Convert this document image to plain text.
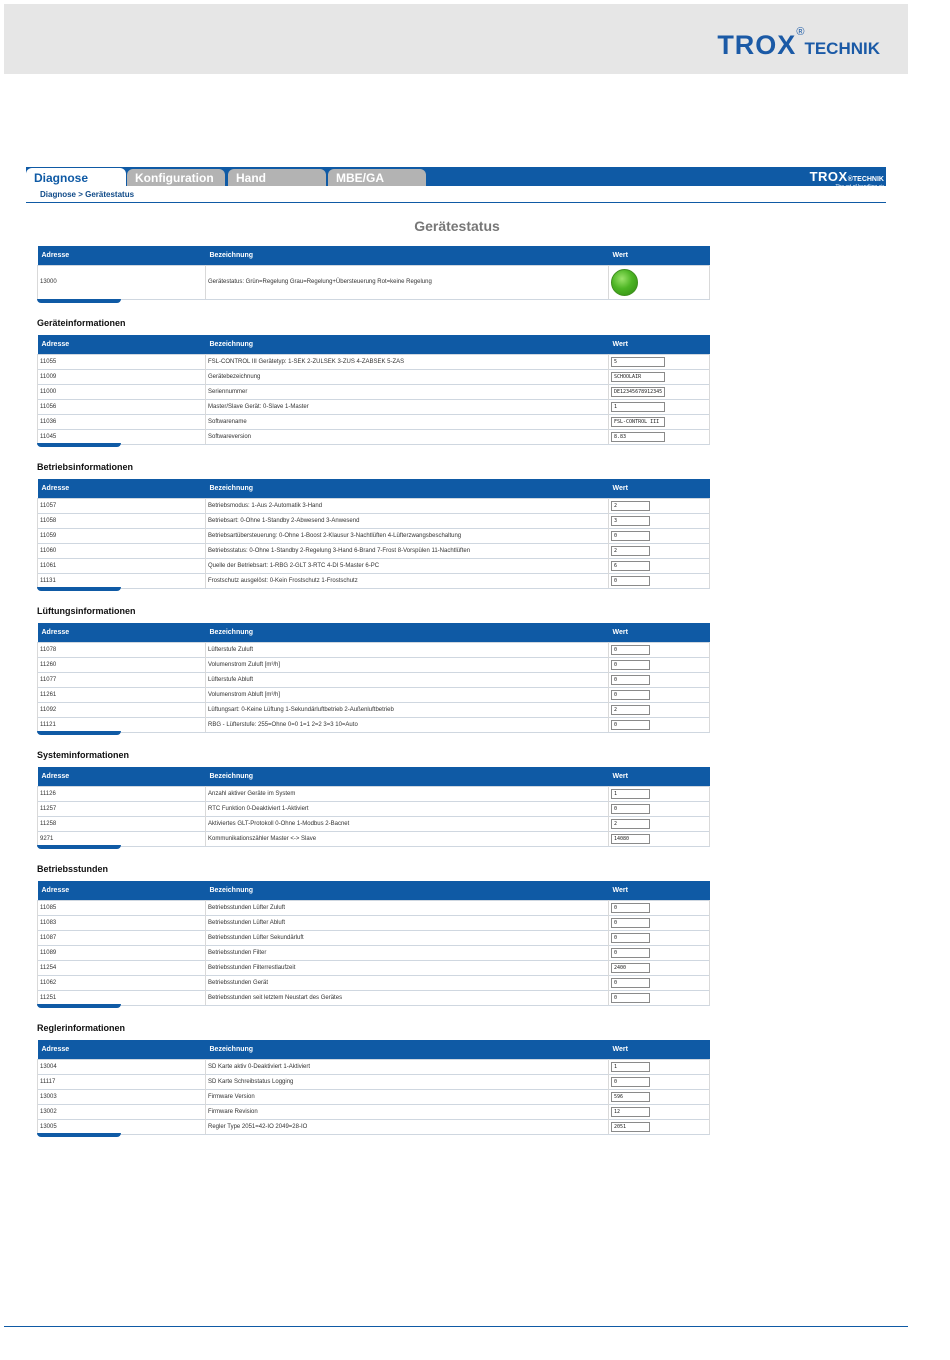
TROX®TECHNIK
Diagnose	Konfiguration	Hand Steuerung
MBE/GA	TROX®TECHNIK
The art of handling air
Diagnose > Gerätestatus
Gerätestatus
Adresse	Bezeichnung	Wert
13000	Gerätestatus: Grün=Regelung Grau=Regelung+Übersteuerung Rot=keine Regelung	
Geräteinformationen
Betriebsinformationen
Lüftungsinformationen
Systeminformationen
Betriebsstunden
Reglerinformationen
Adresse	Bezeichnung	Wert
11055	FSL-CONTROL III Gerätetyp: 1-SEK 2-ZULSEK 3-ZUS 4-ZABSEK 5-ZAS	5
11009	Gerätebezeichnung	SCHOOLAIR
11000	Seriennummer	DE12345678912345
11056	Master/Slave Gerät: 0-Slave 1-Master	1
11036	Softwarename	FSL-CONTROL III
11045	Softwareversion	8.83
Adresse	Bezeichnung	Wert
11057	Betriebsmodus: 1-Aus 2-Automatik 3-Hand	2
11058	Betriebsart: 0-Ohne 1-Standby 2-Abwesend 3-Anwesend	3
11059	Betriebsartübersteuerung: 0-Ohne 1-Boost 2-Klausur 3-Nachtlüften 4-Lüfterzwangsbeschaltung	0
11060	Betriebsstatus: 0-Ohne 1-Standby 2-Regelung 3-Hand 6-Brand 7-Frost 8-Vorspülen 11-Nachtlüften	2
11061	Quelle der Betriebsart: 1-RBG 2-GLT 3-RTC 4-DI 5-Master 6-PC	6
11131	Frostschutz ausgelöst: 0-Kein Frostschutz 1-Frostschutz	0
Adresse	Bezeichnung	Wert
11078	Lüfterstufe Zuluft	0
11260	Volumenstrom Zuluft [m³/h]	0
11077	Lüfterstufe Abluft	0
11261	Volumenstrom Abluft [m³/h]	0
11092	Lüftungsart: 0-Keine Lüftung 1-Sekundärluftbetrieb 2-Außenluftbetrieb	2
11121	RBG - Lüfterstufe: 255=Ohne 0=0 1=1 2=2 3=3 10=Auto	0
Adresse	Bezeichnung	Wert
11126	Anzahl aktiver Geräte im System	1
11257	RTC Funktion 0-Deaktiviert 1-Aktiviert	0
11258	Aktiviertes GLT-Protokoll 0-Ohne 1-Modbus 2-Bacnet	2
9271	Kommunikationszähler Master <-> Slave	14080
Adresse	Bezeichnung	Wert
11085	Betriebsstunden Lüfter Zuluft	0
11083	Betriebsstunden Lüfter Abluft	0
11087	Betriebsstunden Lüfter Sekundärluft	0
11089	Betriebsstunden Filter	0
11254	Betriebsstunden Filterrestlaufzeit	2400
11062	Betriebsstunden Gerät	0
11251	Betriebsstunden seit letztem Neustart des Gerätes	0
Adresse	Bezeichnung	Wert
13004	SD Karte aktiv 0-Deaktiviert 1-Aktiviert	1
11117	SD Karte Schreibstatus Logging	0
13003	Firmware Version	596
13002	Firmware Revision	12
13005	Regler Type 2051=42-IO 2049=28-IO	2051
